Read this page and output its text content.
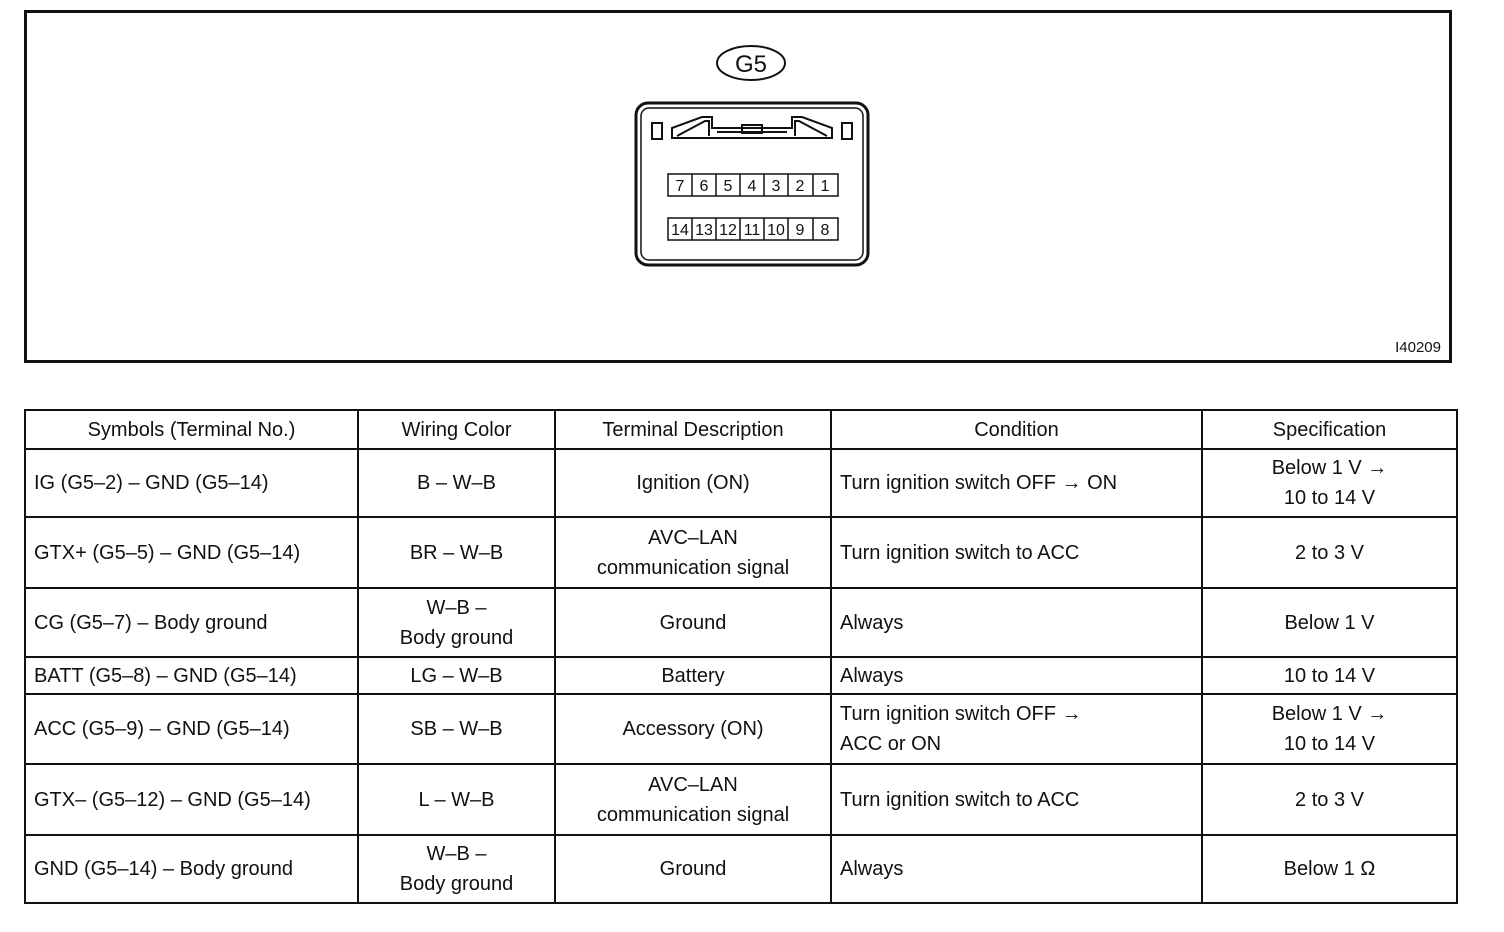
G5
7 6 5 4 3 2 1
14 13 12 11 10 9 8
I40209
Symbols (Terminal No.)	Wiring Color	Terminal Description	Condition	Specification
IG (G5–2) – GND (G5–14)	B – W–B	Ignition (ON)	Turn ignition switch OFF → ON	Below 1 V →
10 to 14 V

GTX+ (G5–5) – GND (G5–14)	BR – W–B	AVC–LAN
communication signal	Turn ignition switch to ACC	2 to 3 V

CG (G5–7) – Body ground	W–B –
Body ground	Ground	Always	Below 1 V

BATT (G5–8) – GND (G5–14)	LG – W–B	Battery	Always	10 to 14 V

ACC (G5–9) – GND (G5–14)	SB – W–B	Accessory (ON)	Turn ignition switch OFF →
ACC or ON	Below 1 V →
10 to 14 V

GTX– (G5–12) – GND (G5–14)	L – W–B	AVC–LAN
communication signal	Turn ignition switch to ACC	2 to 3 V

GND (G5–14) – Body ground	W–B –
Body ground	Ground	Always	Below 1 Ω
